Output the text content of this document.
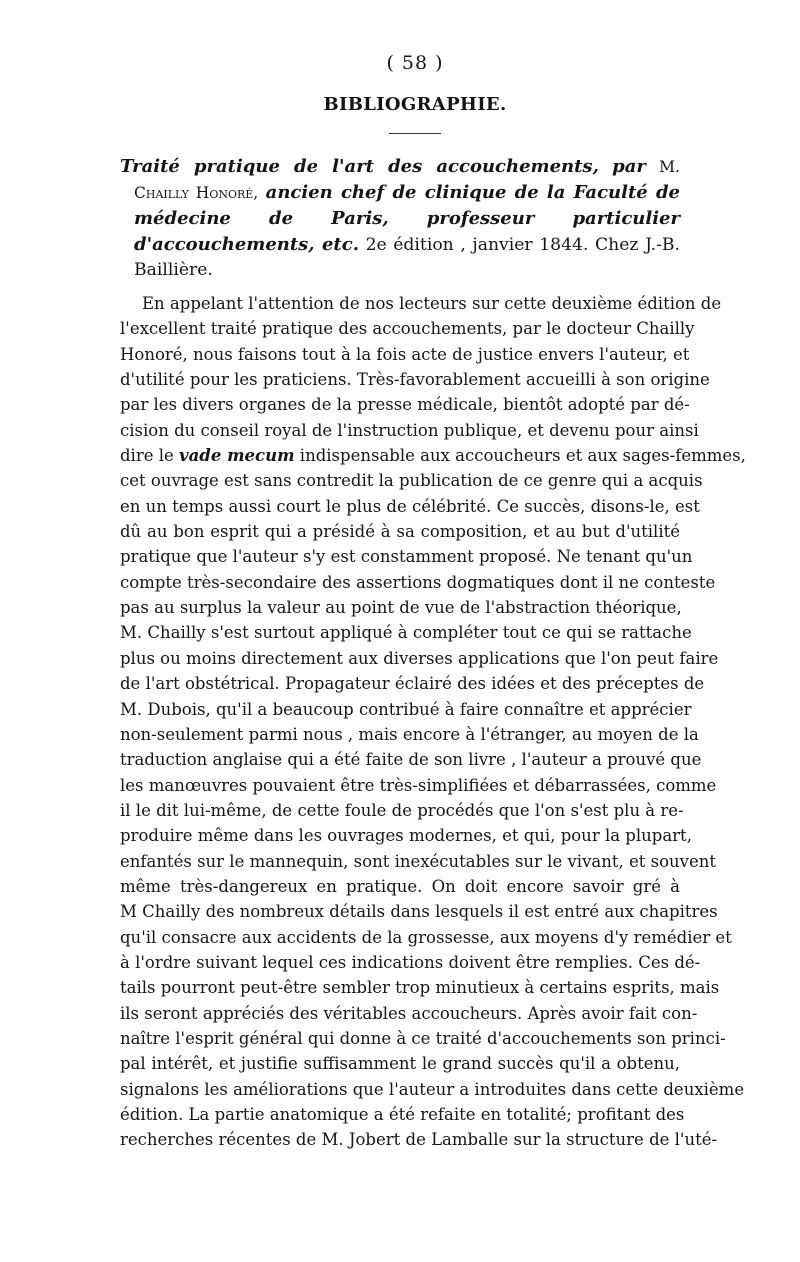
( 58 )
BIBLIOGRAPHIE.
Traité pratique de l'art des accouchements, par M. Chailly Honoré, ancien chef de clinique de la Faculté de médecine de Paris, professeur particulier d'accouchements, etc. 2e édition , janvier 1844. Chez J.-B. Baillière.
En appelant l'attention de nos lecteurs sur cette deuxième édition de
l'excellent traité pratique des accouchements, par le docteur Chailly
Honoré, nous faisons tout à la fois acte de justice envers l'auteur, et
d'utilité pour les praticiens. Très-favorablement accueilli à son origine
par les divers organes de la presse médicale, bientôt adopté par dé-
cision du conseil royal de l'instruction publique, et devenu pour ainsi
dire le vade mecum indispensable aux accoucheurs et aux sages-femmes,
cet ouvrage est sans contredit la publication de ce genre qui a acquis
en un temps aussi court le plus de célébrité. Ce succès, disons-le, est
dû au bon esprit qui a présidé à sa composition, et au but d'utilité
pratique que l'auteur s'y est constamment proposé. Ne tenant qu'un
compte très-secondaire des assertions dogmatiques dont il ne conteste
pas au surplus la valeur au point de vue de l'abstraction théorique,
M. Chailly s'est surtout appliqué à compléter tout ce qui se rattache
plus ou moins directement aux diverses applications que l'on peut faire
de l'art obstétrical. Propagateur éclairé des idées et des préceptes de
M. Dubois, qu'il a beaucoup contribué à faire connaître et apprécier
non-seulement parmi nous , mais encore à l'étranger, au moyen de la
traduction anglaise qui a été faite de son livre , l'auteur a prouvé que
les manœuvres pouvaient être très-simplifiées et débarrassées, comme
il le dit lui-même, de cette foule de procédés que l'on s'est plu à re-
produire même dans les ouvrages modernes, et qui, pour la plupart,
enfantés sur le mannequin, sont inexécutables sur le vivant, et souvent
même très-dangereux en pratique. On doit encore savoir gré à
M Chailly des nombreux détails dans lesquels il est entré aux chapitres
qu'il consacre aux accidents de la grossesse, aux moyens d'y remédier et
à l'ordre suivant lequel ces indications doivent être remplies. Ces dé-
tails pourront peut-être sembler trop minutieux à certains esprits, mais
ils seront appréciés des véritables accoucheurs. Après avoir fait con-
naître l'esprit général qui donne à ce traité d'accouchements son princi-
pal intérêt, et justifie suffisamment le grand succès qu'il a obtenu,
signalons les améliorations que l'auteur a introduites dans cette deuxième
édition. La partie anatomique a été refaite en totalité; profitant des
recherches récentes de M. Jobert de Lamballe sur la structure de l'uté-
